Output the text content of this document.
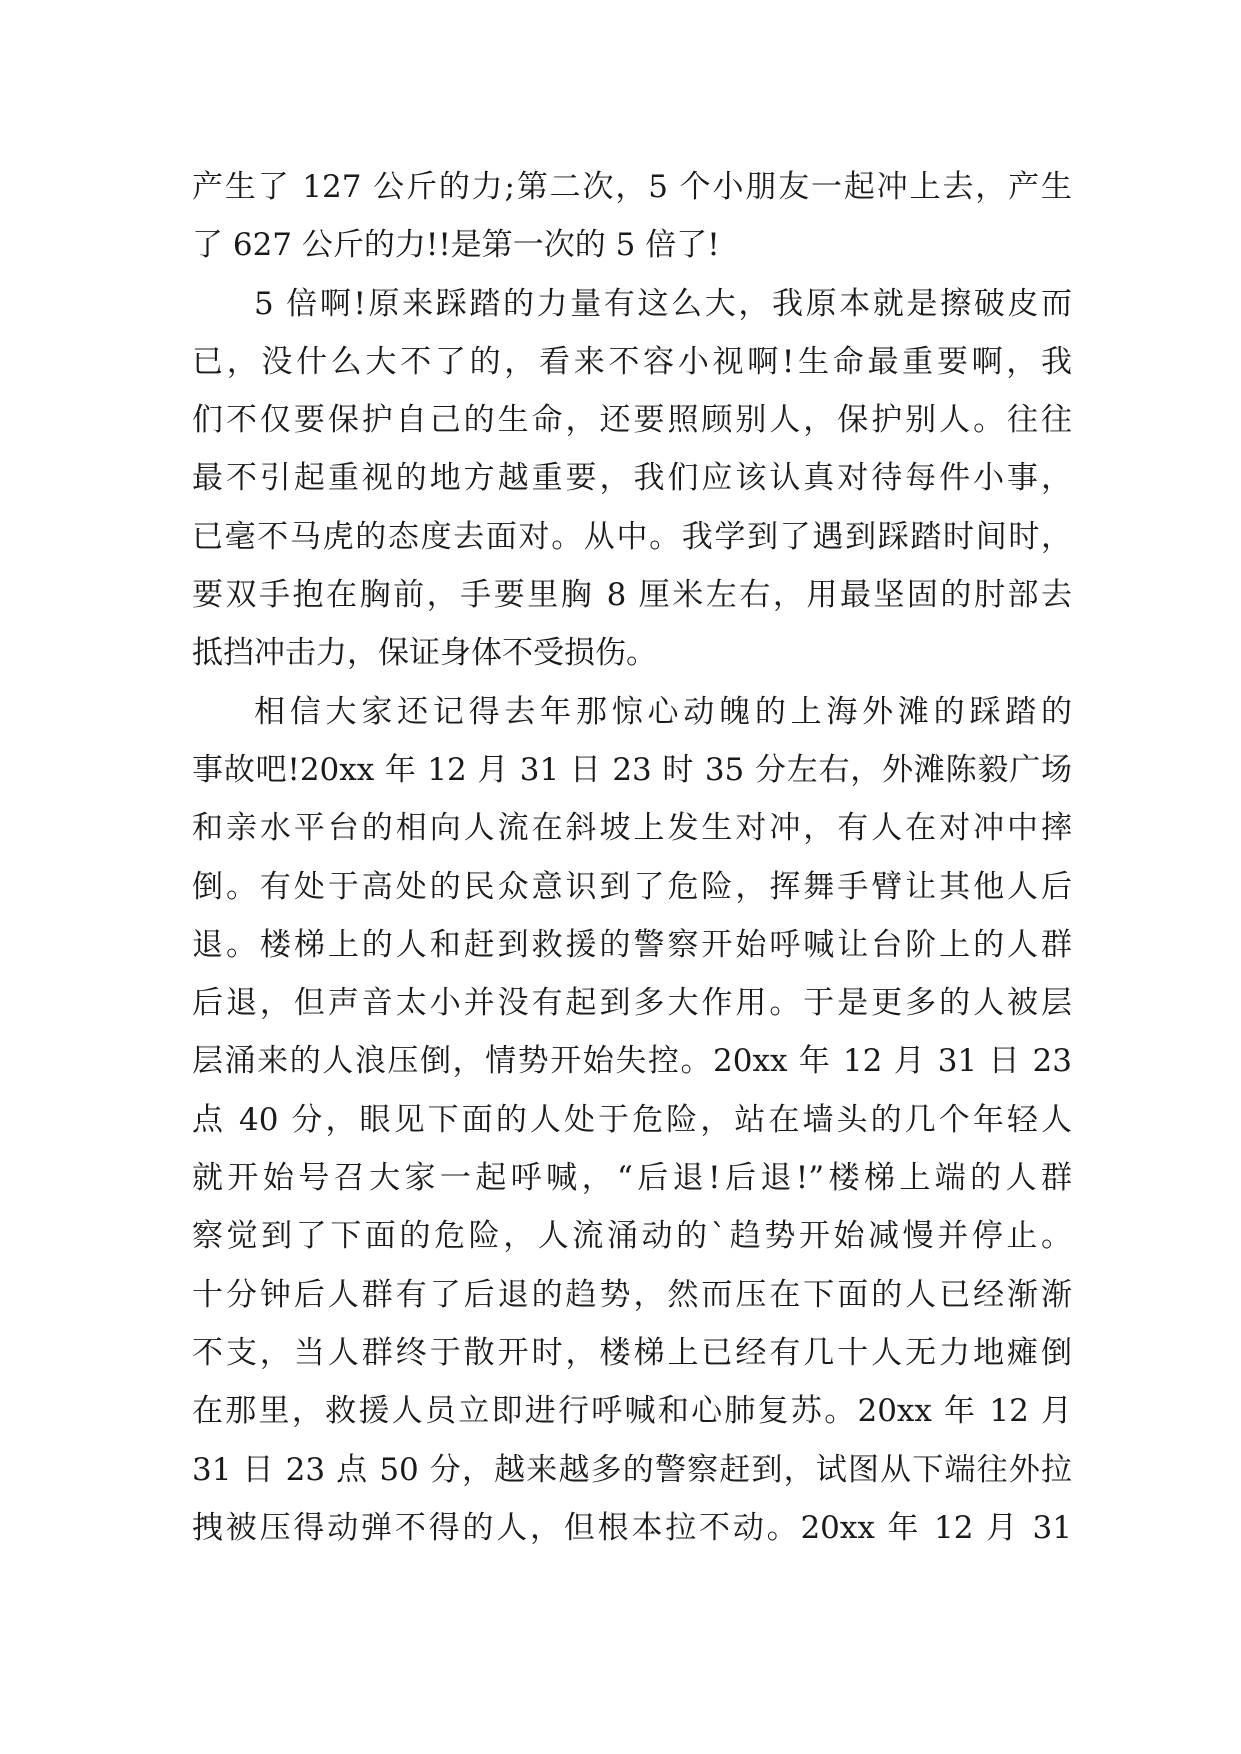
产生了 127 公斤的力;第二次，5 个小朋友一起冲上去，产生
了 627 公斤的力!!是第一次的 5 倍了!
5 倍啊!原来踩踏的力量有这么大，我原本就是擦破皮而
已，没什么大不了的，看来不容小视啊!生命最重要啊，我
们不仅要保护自己的生命，还要照顾别人，保护别人。往往
最不引起重视的地方越重要，我们应该认真对待每件小事，
已毫不马虎的态度去面对。从中。我学到了遇到踩踏时间时，
要双手抱在胸前，手要里胸 8 厘米左右，用最坚固的肘部去
抵挡冲击力，保证身体不受损伤。
相信大家还记得去年那惊心动魄的上海外滩的踩踏的
事故吧!20xx 年 12 月 31 日 23 时 35 分左右，外滩陈毅广场
和亲水平台的相向人流在斜坡上发生对冲，有人在对冲中摔
倒。有处于高处的民众意识到了危险，挥舞手臂让其他人后
退。楼梯上的人和赶到救援的警察开始呼喊让台阶上的人群
后退，但声音太小并没有起到多大作用。于是更多的人被层
层涌来的人浪压倒，情势开始失控。20xx 年 12 月 31 日 23
点 40 分，眼见下面的人处于危险，站在墙头的几个年轻人
就开始号召大家一起呼喊，“后退!后退!”楼梯上端的人群
察觉到了下面的危险，人流涌动的`趋势开始减慢并停止。
十分钟后人群有了后退的趋势，然而压在下面的人已经渐渐
不支，当人群终于散开时，楼梯上已经有几十人无力地瘫倒
在那里，救援人员立即进行呼喊和心肺复苏。20xx 年 12 月
31 日 23 点 50 分，越来越多的警察赶到，试图从下端往外拉
拽被压得动弹不得的人，但根本拉不动。20xx 年 12 月 31
